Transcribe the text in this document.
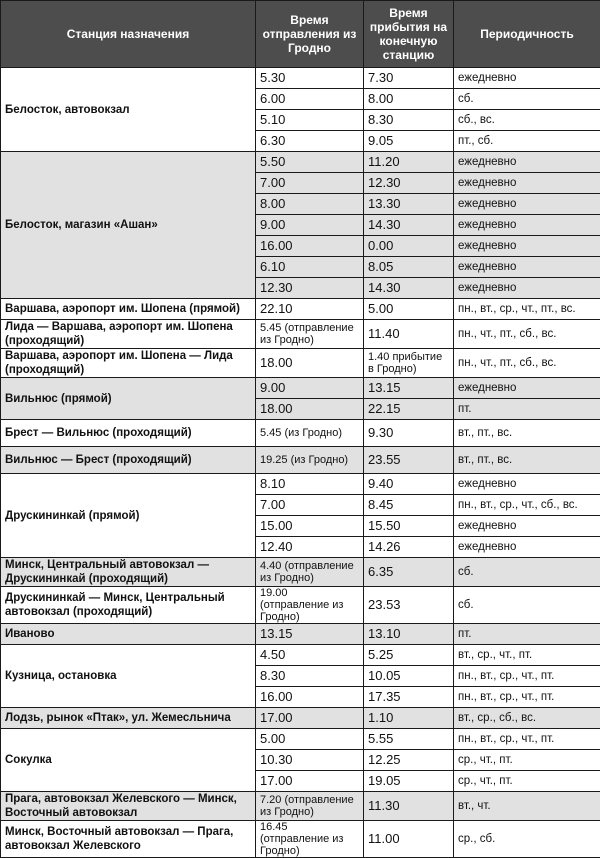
Станция назначения	Время отправления из Гродно	Время прибытия на конечную станцию	Периодичность
Белосток, автовокзал	5.30	7.30	ежедневно
	6.00	8.00	сб.
	5.10	8.30	сб., вс.
	6.30	9.05	пт., сб.
Белосток, магазин «Ашан»	5.50	11.20	ежедневно
	7.00	12.30	ежедневно
	8.00	13.30	ежедневно
	9.00	14.30	ежедневно
	16.00	0.00	ежедневно
	6.10	8.05	ежедневно
	12.30	14.30	ежедневно
Варшава, аэропорт им. Шопена (прямой)	22.10	5.00	пн., вт., ср., чт., пт., вс.
Лида — Варшава, аэропорт им. Шопена (проходящий)	5.45 (отправление из Гродно)	11.40	пн., чт., пт., сб., вс.
Варшава, аэропорт им. Шопена — Лида (проходящий)	18.00	1.40 прибытие в Гродно)	пн., чт., пт., сб., вс.
Вильнюс (прямой)	9.00	13.15	ежедневно
	18.00	22.15	пт.
Брест — Вильнюс (проходящий)	5.45 (из Гродно)	9.30	вт., пт., вс.
Вильнюс — Брест (проходящий)	19.25 (из Гродно)	23.55	вт., пт., вс.
Друскининкай (прямой)	8.10	9.40	ежедневно
	7.00	8.45	пн., вт., ср., чт., сб., вс.
	15.00	15.50	ежедневно
	12.40	14.26	ежедневно
Минск, Центральный автовокзал — Друскининкай (проходящий)	4.40 (отправление из Гродно)	6.35	сб.
Друскининкай — Минск, Центральный автовокзал (проходящий)	19.00 (отправление из Гродно)	23.53	сб.
Иваново	13.15	13.10	пт.
Кузница, остановка	4.50	5.25	вт., ср., чт., пт.
	8.30	10.05	пн., вт., ср., чт., пт.
	16.00	17.35	пн., вт., ср., чт., пт.
Лодзь, рынок «Птак», ул. Жемесльнича	17.00	1.10	вт., ср., сб., вс.
Сокулка	5.00	5.55	пн., вт., ср., чт., пт.
	10.30	12.25	ср., чт., пт.
	17.00	19.05	ср., чт., пт.
Прага, автовокзал Желевского — Минск, Восточный автовокзал	7.20 (отправление из Гродно)	11.30	вт., чт.
Минск, Восточный автовокзал — Прага, автовокзал Желевского	16.45 (отправление из Гродно)	11.00	ср., сб.
